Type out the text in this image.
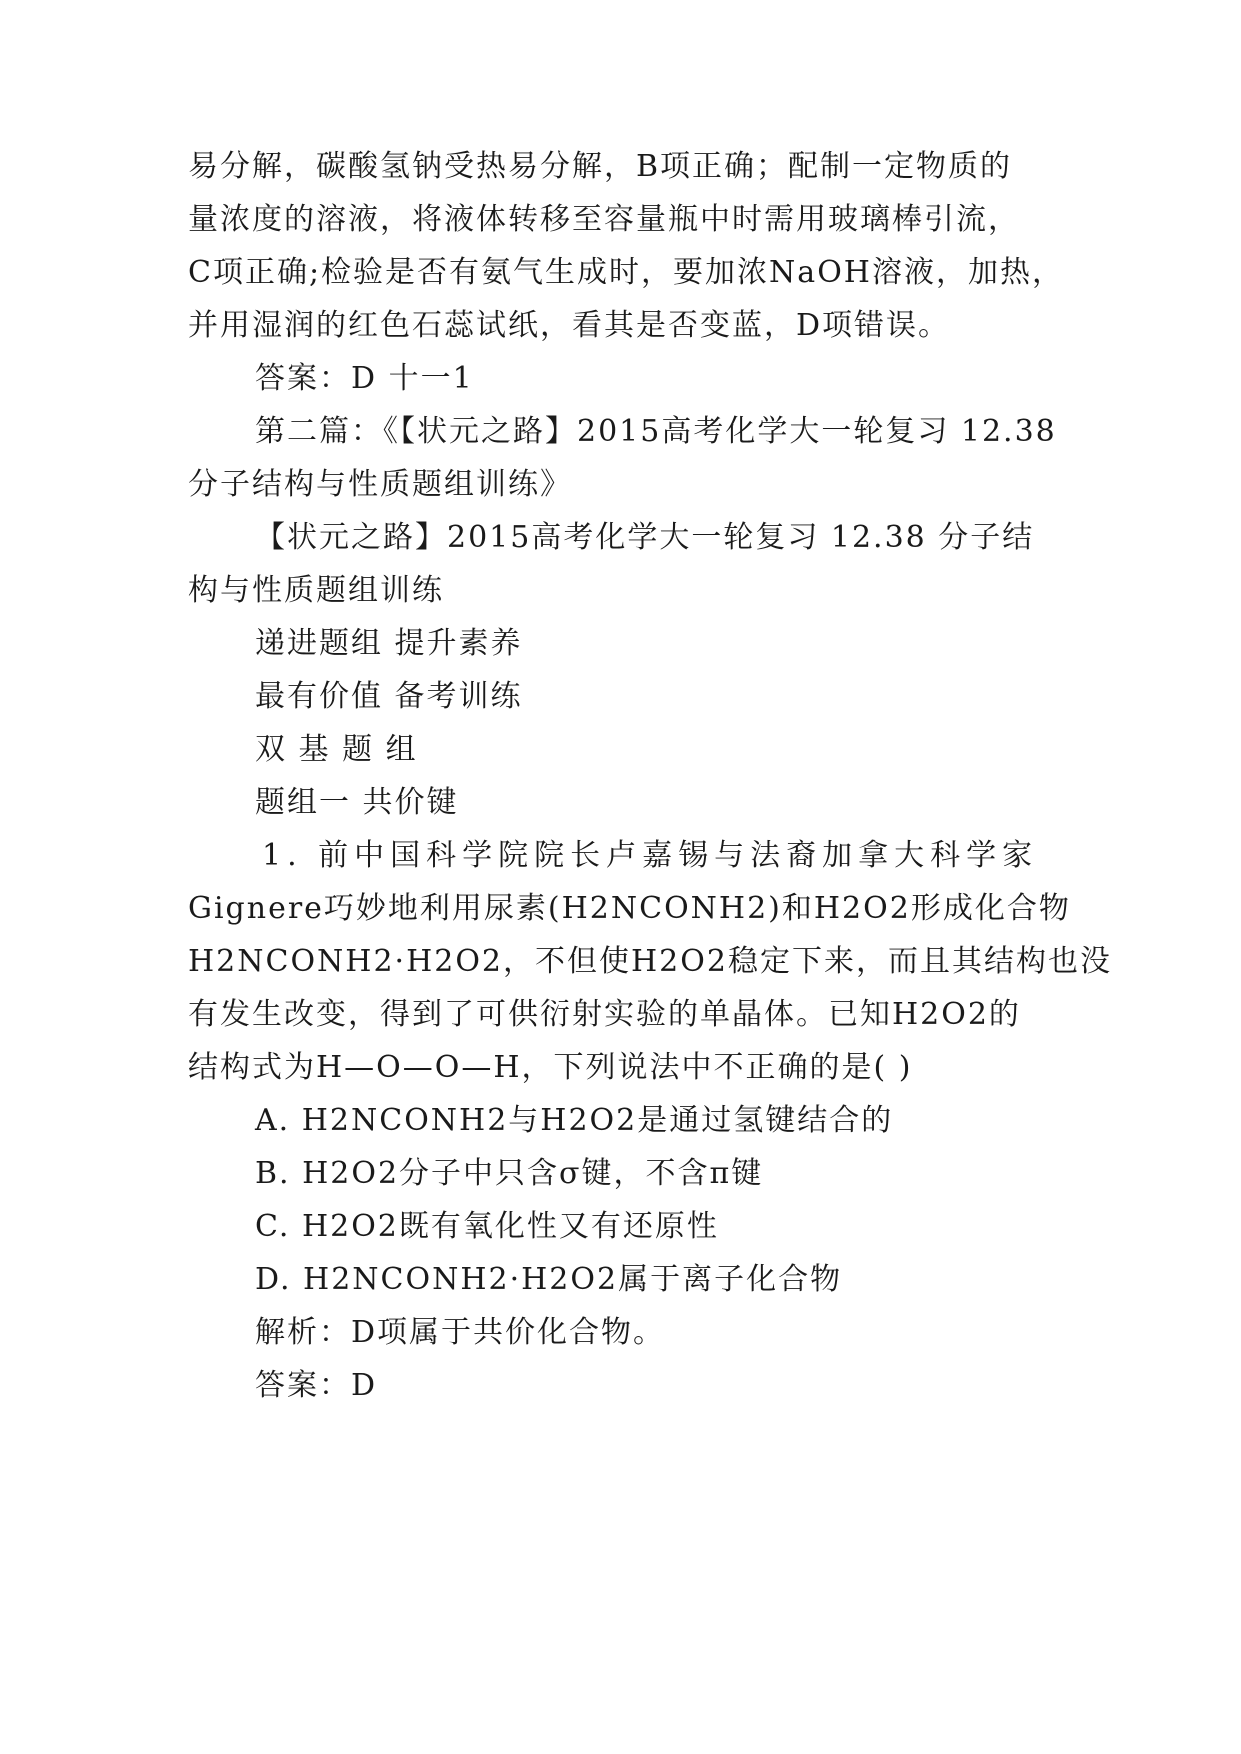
易分解，碳酸氢钠受热易分解，B项正确；配制一定物质的
量浓度的溶液，将液体转移至容量瓶中时需用玻璃棒引流，
C项正确;检验是否有氨气生成时，要加浓NaOH溶液，加热，
并用湿润的红色石蕊试纸，看其是否变蓝，D项错误。
答案：D 十一1
第二篇：《【状元之路】2015高考化学大一轮复习 12.38
分子结构与性质题组训练》
【状元之路】2015高考化学大一轮复习 12.38 分子结
构与性质题组训练
递进题组 提升素养
最有价值 备考训练
双 基 题 组
题组一 共价键
1. 前中国科学院院长卢嘉锡与法裔加拿大科学家
Gignere巧妙地利用尿素(H2NCONH2)和H2O2形成化合物
H2NCONH2·H2O2，不但使H2O2稳定下来，而且其结构也没
有发生改变，得到了可供衍射实验的单晶体。已知H2O2的
结构式为H—O—O—H，下列说法中不正确的是( )
A. H2NCONH2与H2O2是通过氢键结合的
B. H2O2分子中只含σ键，不含π键
C. H2O2既有氧化性又有还原性
D. H2NCONH2·H2O2属于离子化合物
解析：D项属于共价化合物。
答案：D
